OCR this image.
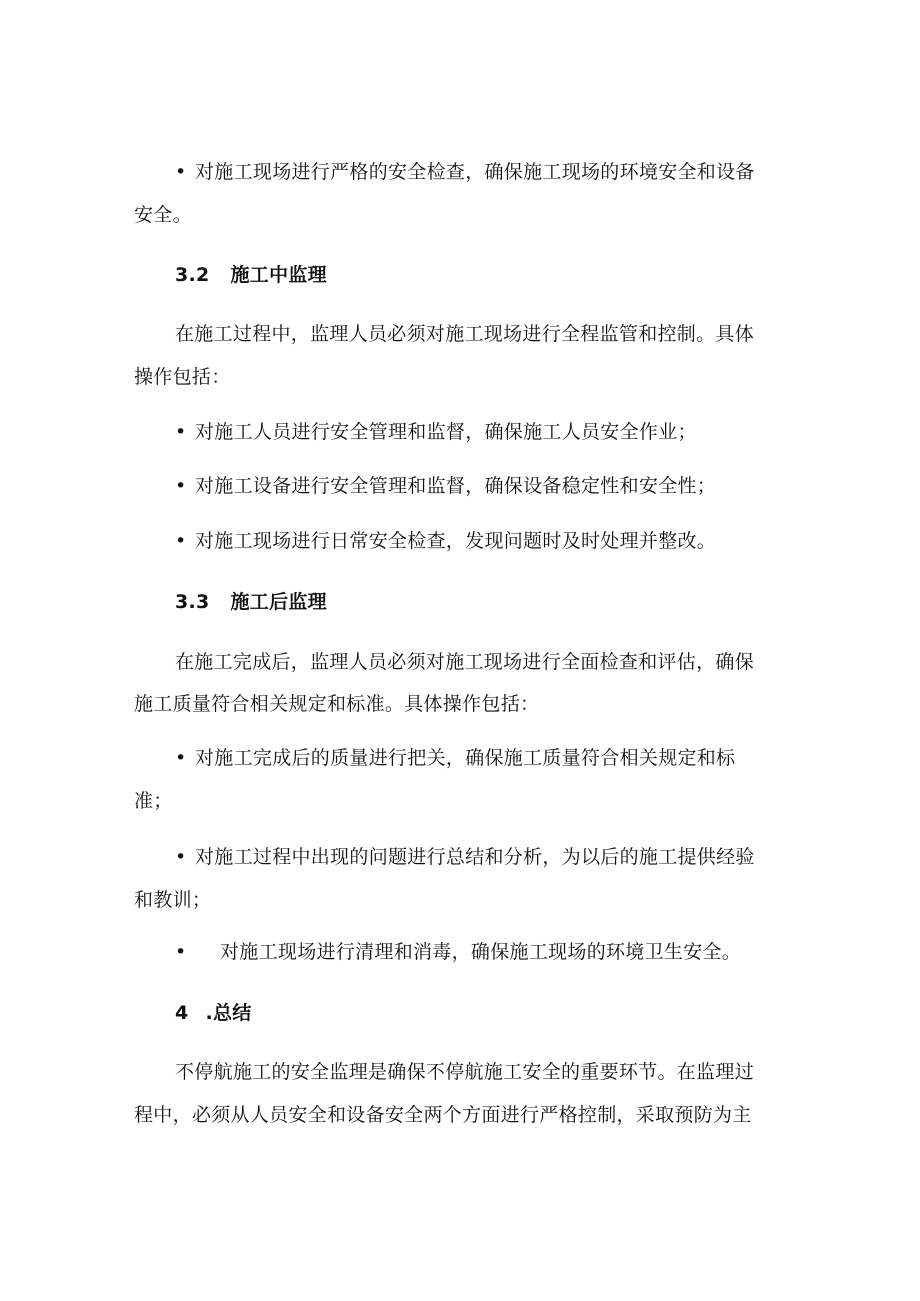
• 对施工现场进行严格的安全检查，确保施工现场的环境安全和设备
安全。
3.2 施工中监理
在施工过程中，监理人员必须对施工现场进行全程监管和控制。具体
操作包括：
• 对施工人员进行安全管理和监督，确保施工人员安全作业；
• 对施工设备进行安全管理和监督，确保设备稳定性和安全性；
• 对施工现场进行日常安全检查，发现问题时及时处理并整改。
3.3 施工后监理
在施工完成后，监理人员必须对施工现场进行全面检查和评估，确保
施工质量符合相关规定和标准。具体操作包括：
• 对施工完成后的质量进行把关，确保施工质量符合相关规定和标
准；
• 对施工过程中出现的问题进行总结和分析，为以后的施工提供经验
和教训；
• 对施工现场进行清理和消毒，确保施工现场的环境卫生安全。
4 .总结
不停航施工的安全监理是确保不停航施工安全的重要环节。在监理过
程中，必须从人员安全和设备安全两个方面进行严格控制，采取预防为主
